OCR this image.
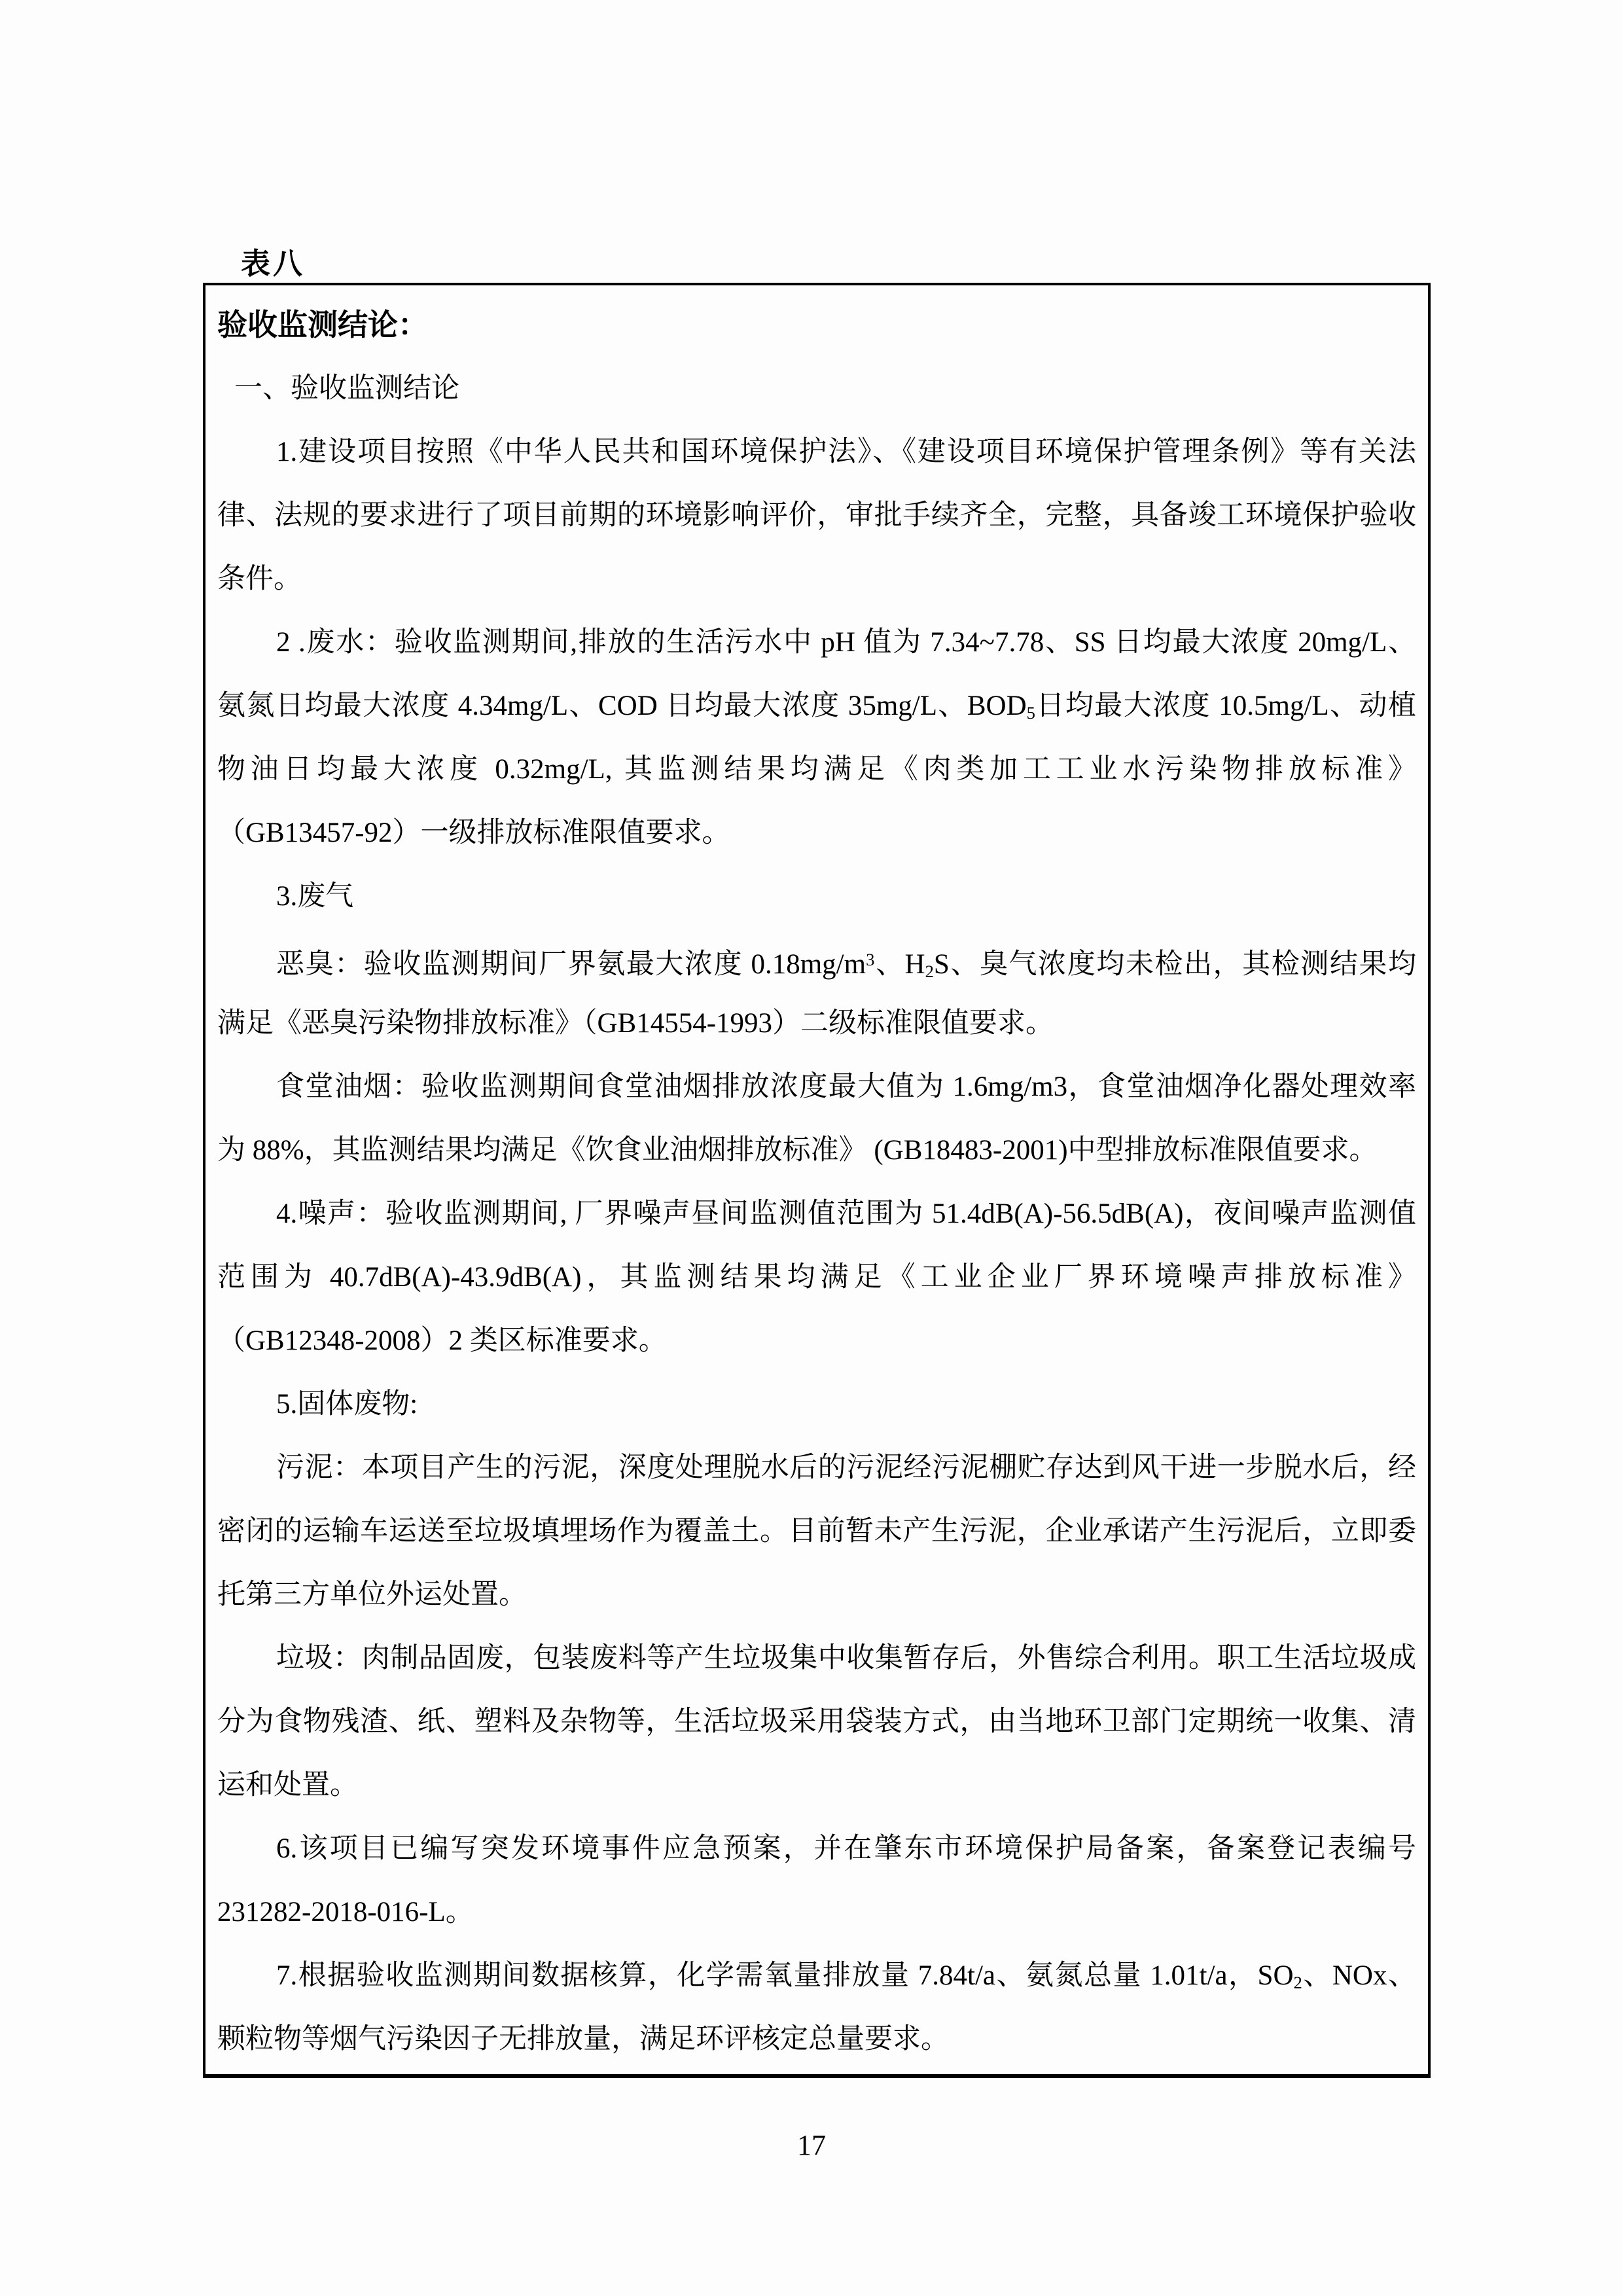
表八
验收监测结论：
一、验收监测结论
1.建设项目按照《中华人民共和国环境保护法》、《建设项目环境保护管理条例》等有关法
律、法规的要求进行了项目前期的环境影响评价，审批手续齐全，完整，具备竣工环境保护验收
条件。
2 .废水：验收监测期间,排放的生活污水中 pH 值为 7.34~7.78、SS 日均最大浓度 20mg/L、
氨氮日均最大浓度 4.34mg/L、COD 日均最大浓度 35mg/L、$BOD_5$日均最大浓度 10.5mg/L、动植
物油日均最大浓度 0.32mg/L, 其监测结果均满足《肉类加工工业水污染物排放标准》
（GB13457-92）一级排放标准限值要求。
3.废气
恶臭：验收监测期间厂界氨最大浓度 $0.18mg/m^3$、$H_2S$、臭气浓度均未检出，其检测结果均
满足《恶臭污染物排放标准》（GB14554-1993）二级标准限值要求。
食堂油烟：验收监测期间食堂油烟排放浓度最大值为 1.6mg/m3，食堂油烟净化器处理效率
为 88%，其监测结果均满足《饮食业油烟排放标准》 (GB18483-2001)中型排放标准限值要求。
4.噪声：验收监测期间, 厂界噪声昼间监测值范围为 51.4dB(A)-56.5dB(A)，夜间噪声监测值
范围为 40.7dB(A)-43.9dB(A)，其监测结果均满足《工业企业厂界环境噪声排放标准》
（GB12348-2008）2 类区标准要求。
5.固体废物:
污泥：本项目产生的污泥，深度处理脱水后的污泥经污泥棚贮存达到风干进一步脱水后，经
密闭的运输车运送至垃圾填埋场作为覆盖土。目前暂未产生污泥，企业承诺产生污泥后，立即委
托第三方单位外运处置。
垃圾：肉制品固废，包装废料等产生垃圾集中收集暂存后，外售综合利用。职工生活垃圾成
分为食物残渣、纸、塑料及杂物等，生活垃圾采用袋装方式，由当地环卫部门定期统一收集、清
运和处置。
6.该项目已编写突发环境事件应急预案，并在肇东市环境保护局备案，备案登记表编号
231282-2018-016-L。
7.根据验收监测期间数据核算，化学需氧量排放量 7.84t/a、氨氮总量 1.01t/a，$SO_2$、NOx、
颗粒物等烟气污染因子无排放量，满足环评核定总量要求。
17
